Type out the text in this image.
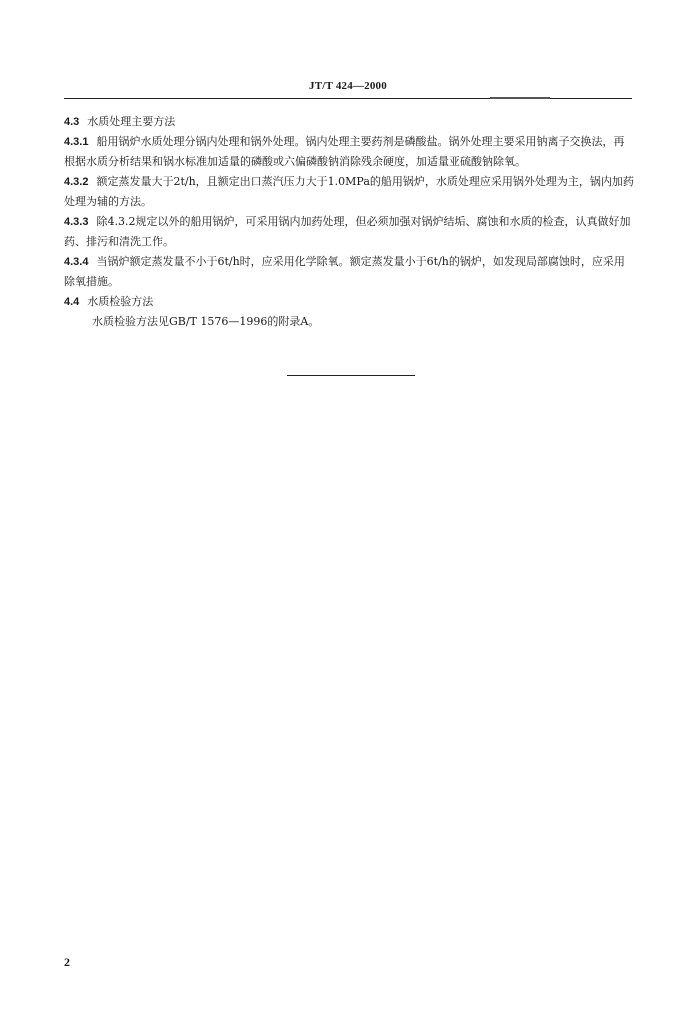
JT/T 424—2000

4.3 水质处理主要方法

4.3.1 船用锅炉水质处理分锅内处理和锅外处理。锅内处理主要药剂是磷酸盐。锅外处理主要采用钠离子交换法，再根据水质分析结果和锅水标准加适量的磷酸或六偏磷酸钠消除残余硬度，加适量亚硫酸钠除氧。

4.3.2 额定蒸发量大于2t/h，且额定出口蒸汽压力大于1.0MPa的船用锅炉，水质处理应采用锅外处理为主，锅内加药处理为辅的方法。

4.3.3 除4.3.2规定以外的船用锅炉，可采用锅内加药处理，但必须加强对锅炉结垢、腐蚀和水质的检查，认真做好加药、排污和清洗工作。

4.3.4 当锅炉额定蒸发量不小于6t/h时，应采用化学除氧。额定蒸发量小于6t/h的锅炉，如发现局部腐蚀时，应采用除氧措施。

4.4 水质检验方法

水质检验方法见GB/T 1576—1996的附录A。

2
